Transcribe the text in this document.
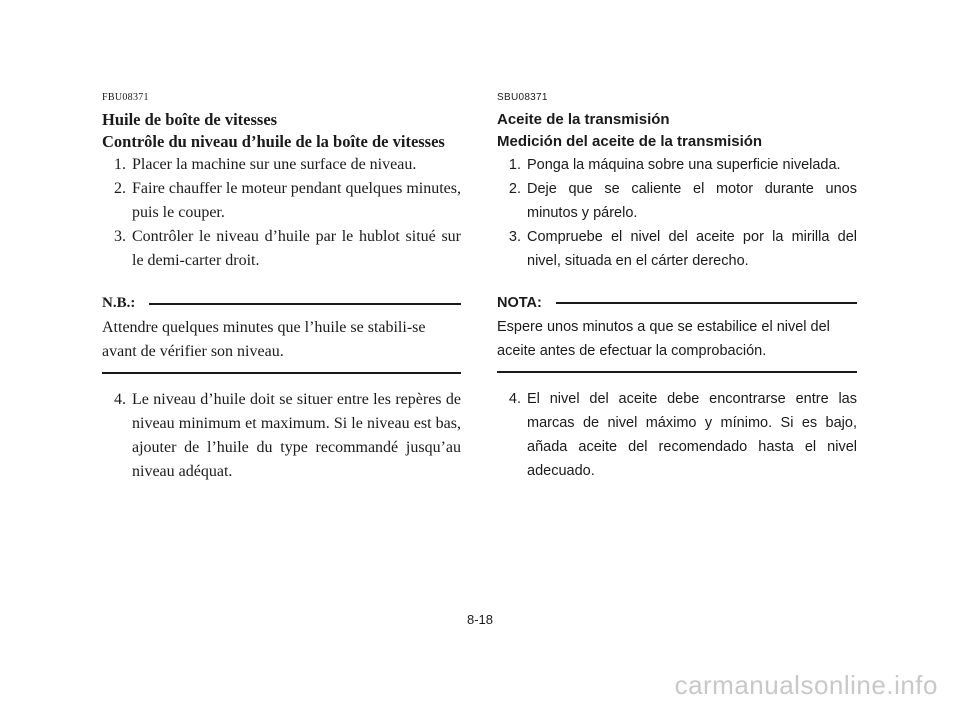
FBU08371

Huile de boîte de vitesses

Contrôle du niveau d’huile de la boîte de vitesses

1. Placer la machine sur une surface de niveau.
2. Faire chauffer le moteur pendant quelques minutes, puis le couper.
3. Contrôler le niveau d’huile par le hublot situé sur le demi-carter droit.
N.B.:

Attendre quelques minutes que l’huile se stabili-se avant de vérifier son niveau.

4. Le niveau d’huile doit se situer entre les repères de niveau minimum et maximum. Si le niveau est bas, ajouter de l’huile du type recommandé jusqu’au niveau adéquat.

SBU08371

Aceite de la transmisión

Medición del aceite de la transmisión

1. Ponga la máquina sobre una superficie nivelada.
2. Deje que se caliente el motor durante unos minutos y párelo.
3. Compruebe el nivel del aceite por la mirilla del nivel, situada en el cárter derecho.
NOTA:

Espere unos minutos a que se estabilice el nivel del aceite antes de efectuar la comprobación.

4. El nivel del aceite debe encontrarse entre las marcas de nivel máximo y mínimo. Si es bajo, añada aceite del recomendado hasta el nivel adecuado.
8-18
carmanualsonline.info
